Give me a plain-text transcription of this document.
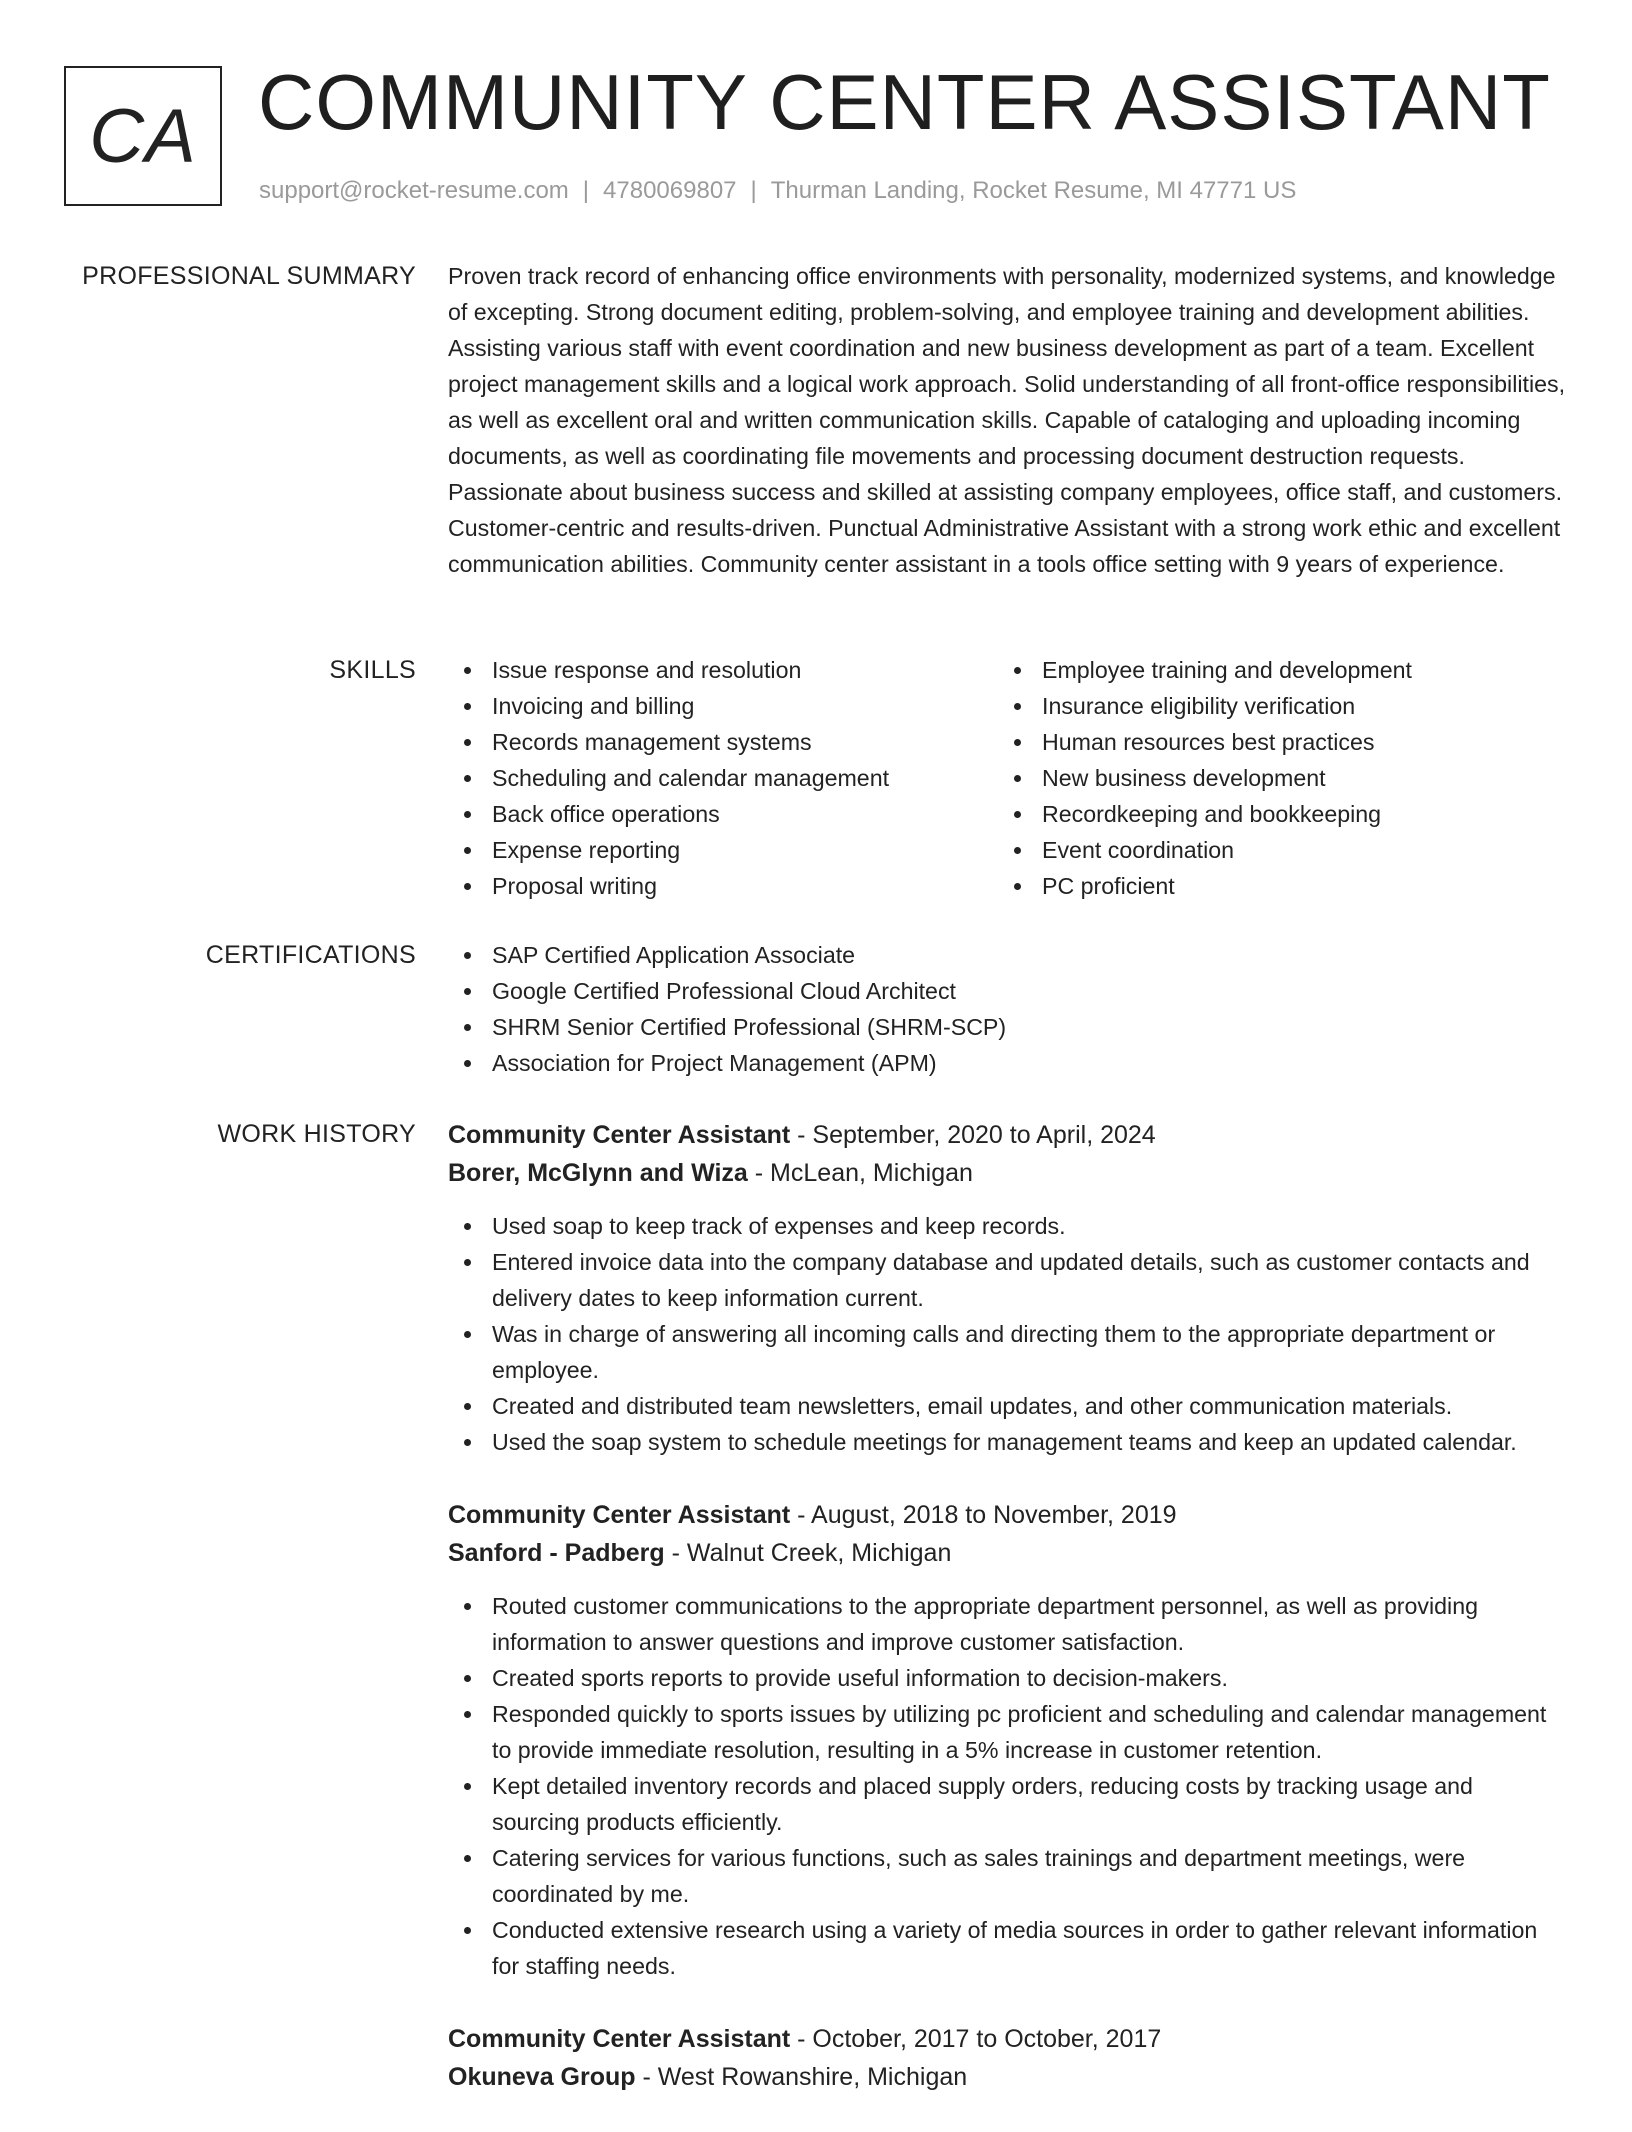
CA COMMUNITY CENTER ASSISTANT
support@rocket-resume.com | 4780069807 | Thurman Landing, Rocket Resume, MI 47771 US
PROFESSIONAL SUMMARY Proven track record of enhancing office environments with personality, modernized systems, and knowledge of excepting. Strong document editing, problem-solving, and employee training and development abilities. Assisting various staff with event coordination and new business development as part of a team. Excellent project management skills and a logical work approach. Solid understanding of all front-office responsibilities, as well as excellent oral and written communication skills. Capable of cataloging and uploading incoming documents, as well as coordinating file movements and processing document destruction requests. Passionate about business success and skilled at assisting company employees, office staff, and customers. Customer-centric and results-driven. Punctual Administrative Assistant with a strong work ethic and excellent communication abilities. Community center assistant in a tools office setting with 9 years of experience.

SKILLS	Issue response and resolution
Invoicing and billing
Records management systems
Scheduling and calendar management
Back office operations
Expense reporting
Proposal writing
Employee training and development
Insurance eligibility verification
Human resources best practices
New business development
Recordkeeping and bookkeeping
Event coordination
PC proficient
CERTIFICATIONS	SAP Certified Application Associate
Google Certified Professional Cloud Architect
SHRM Senior Certified Professional (SHRM-SCP)
Association for Project Management (APM)
WORK HISTORY Community Center Assistant - September, 2020 to April, 2024
Borer, McGlynn and Wiza - McLean, Michigan
Used soap to keep track of expenses and keep records.
Entered invoice data into the company database and updated details, such as customer contacts and delivery dates to keep information current.
Was in charge of answering all incoming calls and directing them to the appropriate department or employee.
Created and distributed team newsletters, email updates, and other communication materials.
Used the soap system to schedule meetings for management teams and keep an updated calendar.
Community Center Assistant - August, 2018 to November, 2019
Sanford - Padberg - Walnut Creek, Michigan
Routed customer communications to the appropriate department personnel, as well as providing information to answer questions and improve customer satisfaction.
Created sports reports to provide useful information to decision-makers.
Responded quickly to sports issues by utilizing pc proficient and scheduling and calendar management to provide immediate resolution, resulting in a 5% increase in customer retention.
Kept detailed inventory records and placed supply orders, reducing costs by tracking usage and sourcing products efficiently.
Catering services for various functions, such as sales trainings and department meetings, were coordinated by me.
Conducted extensive research using a variety of media sources in order to gather relevant information for staffing needs.
Community Center Assistant - October, 2017 to October, 2017
Okuneva Group - West Rowanshire, Michigan
